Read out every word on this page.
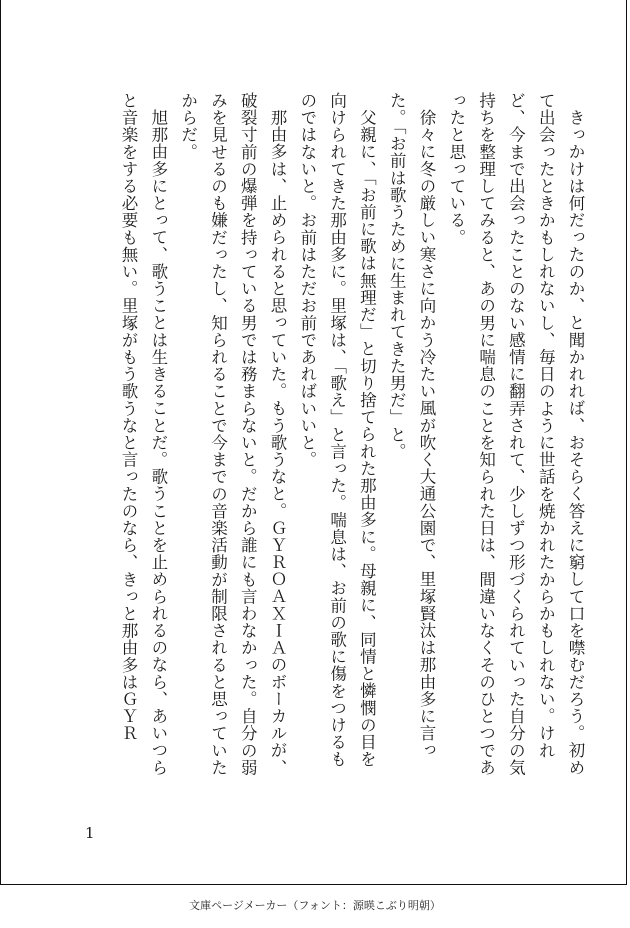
きっかけは何だったのか、と聞かれれば、おそらく答えに窮して口を噤むだろう。初めて出会ったときかもしれないし、毎日のように世話を焼かれたからかもしれない。けれど、今まで出会ったことのない感情に翻弄されて、少しずつ形づくられていった自分の気持ちを整理してみると、あの男に喘息のことを知られた日は、間違いなくそのひとつであったと思っている。

徐々に冬の厳しい寒さに向かう冷たい風が吹く大通公園で、里塚賢汰は那由多に言った。「お前は歌うために生まれてきた男だ」と。

父親に、「お前に歌は無理だ」と切り捨てられた那由多に。母親に、同情と憐憫の目を向けられてきた那由多に。里塚は、「歌え」と言った。喘息は、お前の歌に傷をつけるものではないと。お前はただお前であればいいと。

那由多は、止められると思っていた。もう歌うなと。ＧＹＲＯＡＸＩＡのボーカルが、破裂寸前の爆弾を持っている男では務まらないと。だから誰にも言わなかった。自分の弱みを見せるのも嫌だったし、知られることで今までの音楽活動が制限されると思っていたからだ。

旭那由多にとって、歌うことは生きることだ。歌うことを止められるのなら、あいつらと音楽をする必要も無い。里塚がもう歌うなと言ったのなら、きっと那由多はＧＹＲ

1
文庫ページメーカー（フォント：源暎こぶり明朝）
